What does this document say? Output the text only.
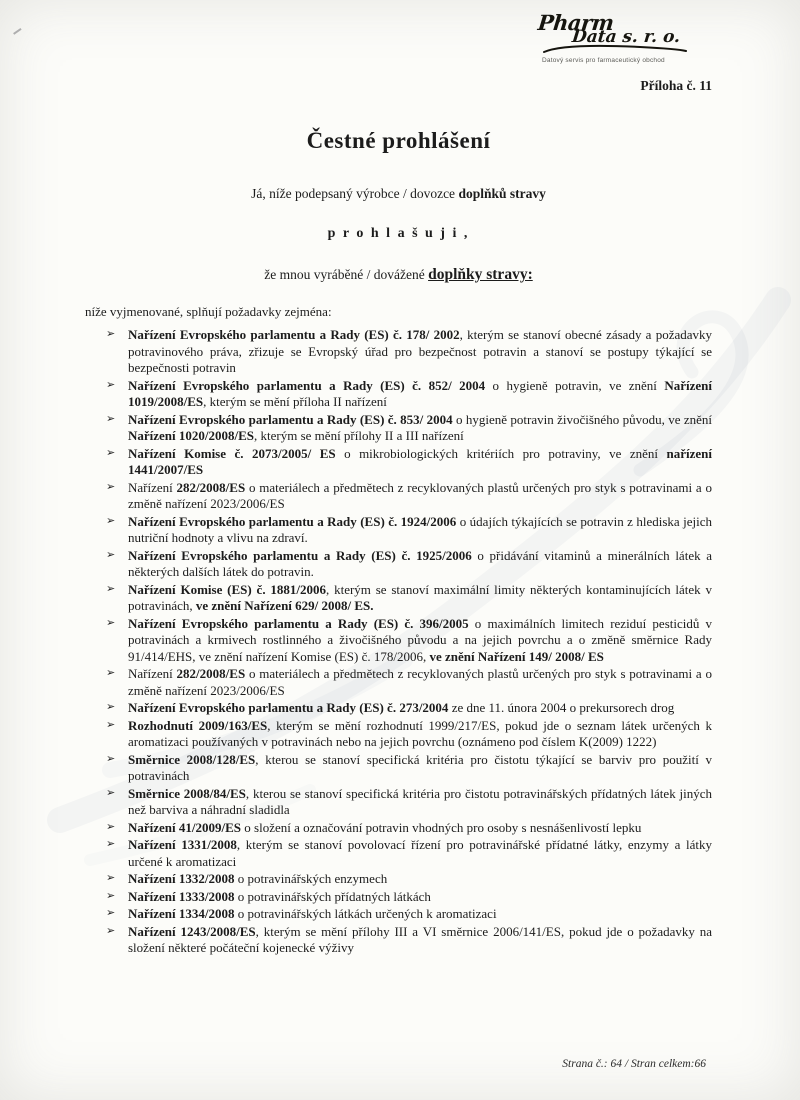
Pharm
Data s. r. o.
Datový servis pro farmaceutický obchod
Příloha č. 11
Čestné prohlášení

Já, níže podepsaný výrobce / dovozce doplňků stravy

p r o h l a š u j i ,

že mnou vyráběné / dovážené doplňky stravy:

níže vyjmenované, splňují požadavky zejména:

➢ Nařízení Evropského parlamentu a Rady (ES) č. 178/ 2002, kterým se stanoví obecné zásady a požadavky potravinového práva, zřizuje se Evropský úřad pro bezpečnost potravin a stanoví se postupy týkající se bezpečnosti potravin
➢ Nařízení Evropského parlamentu a Rady (ES) č. 852/ 2004 o hygieně potravin, ve znění Nařízení 1019/2008/ES, kterým se mění příloha II nařízení
➢ Nařízení Evropského parlamentu a Rady (ES) č. 853/ 2004 o hygieně potravin živočišného původu, ve znění Nařízení 1020/2008/ES, kterým se mění přílohy II a III nařízení
➢ Nařízení Komise č. 2073/2005/ ES o mikrobiologických kritériích pro potraviny, ve znění nařízení 1441/2007/ES
➢ Nařízení 282/2008/ES o materiálech a předmětech z recyklovaných plastů určených pro styk s potravinami a o změně nařízení 2023/2006/ES
➢ Nařízení Evropského parlamentu a Rady (ES) č. 1924/2006 o údajích týkajících se potravin z hlediska jejich nutriční hodnoty a vlivu na zdraví.
➢ Nařízení Evropského parlamentu a Rady (ES) č. 1925/2006 o přidávání vitaminů a minerálních látek a některých dalších látek do potravin.
➢ Nařízení Komise (ES) č. 1881/2006, kterým se stanoví maximální limity některých kontaminujících látek v potravinách, ve znění Nařízení 629/ 2008/ ES.
➢ Nařízení Evropského parlamentu a Rady (ES) č. 396/2005 o maximálních limitech reziduí pesticidů v potravinách a krmivech rostlinného a živočišného původu a na jejich povrchu a o změně směrnice Rady 91/414/EHS, ve znění nařízení Komise (ES) č. 178/2006, ve znění Nařízení 149/ 2008/ ES
➢ Nařízení 282/2008/ES o materiálech a předmětech z recyklovaných plastů určených pro styk s potravinami a o změně nařízení 2023/2006/ES
➢ Nařízení Evropského parlamentu a Rady (ES) č. 273/2004 ze dne 11. února 2004 o prekursorech drog
➢ Rozhodnutí 2009/163/ES, kterým se mění rozhodnutí 1999/217/ES, pokud jde o seznam látek určených k aromatizaci používaných v potravinách nebo na jejich povrchu (oznámeno pod číslem K(2009) 1222)
➢ Směrnice 2008/128/ES, kterou se stanoví specifická kritéria pro čistotu týkající se barviv pro použití v potravinách
➢ Směrnice 2008/84/ES, kterou se stanoví specifická kritéria pro čistotu potravinářských přídatných látek jiných než barviva a náhradní sladidla
➢ Nařízení 41/2009/ES o složení a označování potravin vhodných pro osoby s nesnášenlivostí lepku
➢ Nařízení 1331/2008, kterým se stanoví povolovací řízení pro potravinářské přídatné látky, enzymy a látky určené k aromatizaci
➢ Nařízení 1332/2008 o potravinářských enzymech
➢ Nařízení 1333/2008 o potravinářských přídatných látkách
➢ Nařízení 1334/2008 o potravinářských látkách určených k aromatizaci
➢ Nařízení 1243/2008/ES, kterým se mění přílohy III a VI směrnice 2006/141/ES, pokud jde o požadavky na složení některé počáteční kojenecké výživy
Strana č.: 64 / Stran celkem:66
